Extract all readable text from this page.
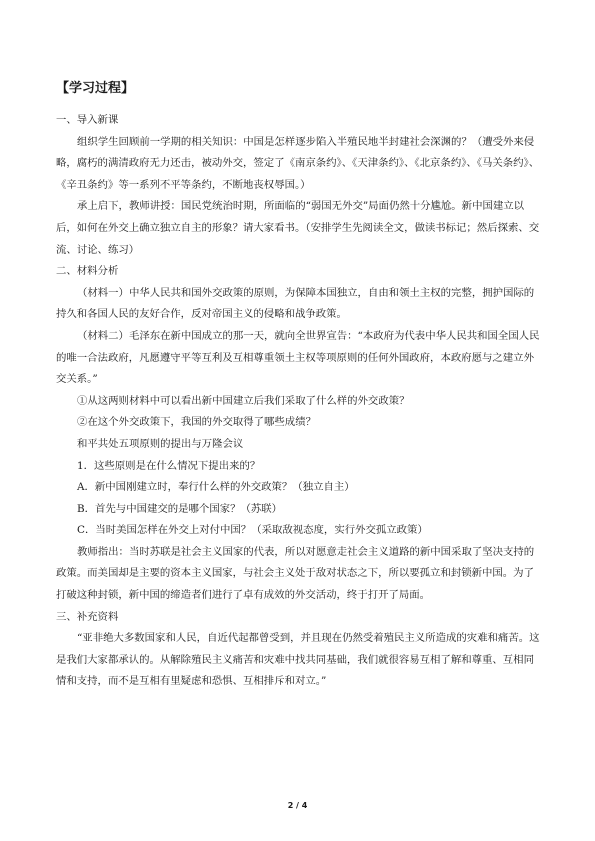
【学习过程】

一、导入新课

组织学生回顾前一学期的相关知识：中国是怎样逐步陷入半殖民地半封建社会深渊的？（遭受外来侵略，腐朽的满清政府无力还击，被动外交，签定了《南京条约》、《天津条约》、《北京条约》、《马关条约》、《辛丑条约》等一系列不平等条约，不断地丧权辱国。）

承上启下，教师讲授：国民党统治时期，所面临的“弱国无外交”局面仍然十分尴尬。新中国建立以后，如何在外交上确立独立自主的形象？请大家看书。（安排学生先阅读全文，做读书标记；然后探索、交流、讨论、练习）

二、材料分析

（材料一）中华人民共和国外交政策的原则，为保障本国独立，自由和领土主权的完整，拥护国际的持久和各国人民的友好合作，反对帝国主义的侵略和战争政策。

（材料二）毛泽东在新中国成立的那一天，就向全世界宣告：“本政府为代表中华人民共和国全国人民的唯一合法政府，凡愿遵守平等互利及互相尊重领土主权等项原则的任何外国政府，本政府愿与之建立外交关系。”

①从这两则材料中可以看出新中国建立后我们采取了什么样的外交政策？

②在这个外交政策下，我国的外交取得了哪些成绩？

和平共处五项原则的提出与万隆会议

1．这些原则是在什么情况下提出来的？

A．新中国刚建立时，奉行什么样的外交政策？（独立自主）

B．首先与中国建交的是哪个国家？（苏联）

C．当时美国怎样在外交上对付中国？（采取敌视态度，实行外交孤立政策）

教师指出：当时苏联是社会主义国家的代表，所以对愿意走社会主义道路的新中国采取了坚决支持的政策。而美国却是主要的资本主义国家，与社会主义处于敌对状态之下，所以要孤立和封锁新中国。为了打破这种封锁，新中国的缔造者们进行了卓有成效的外交活动，终于打开了局面。

三、补充资料

“亚非绝大多数国家和人民，自近代起都曾受到，并且现在仍然受着殖民主义所造成的灾难和痛苦。这是我们大家都承认的。从解除殖民主义痛苦和灾难中找共同基础，我们就很容易互相了解和尊重、互相同情和支持，而不是互相有里疑虑和恐惧、互相排斥和对立。”

2 / 4
